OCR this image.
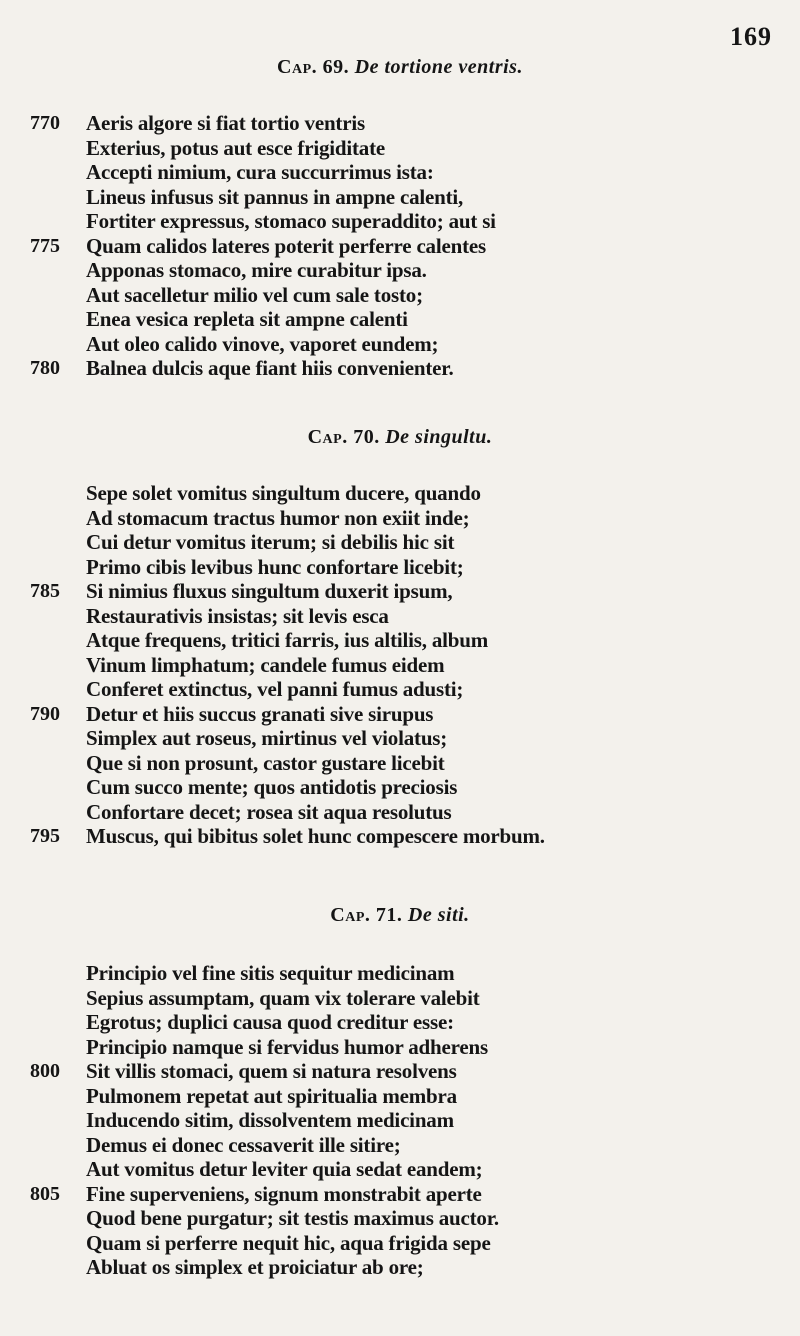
169
Cap. 69. De tortione ventris.
770	Aeris algore si fiat tortio ventris
Exterius, potus aut esce frigiditate
Accepti nimium, cura succurrimus ista:
Lineus infusus sit pannus in ampne calenti,
Fortiter expressus, stomaco superaddito; aut si
775	Quam calidos lateres poterit perferre calentes
Apponas stomaco, mire curabitur ipsa.
Aut sacelletur milio vel cum sale tosto;
Enea vesica repleta sit ampne calenti
Aut oleo calido vinove, vaporet eundem;
780	Balnea dulcis aque fiant hiis convenienter.
Cap. 70. De singultu.
Sepe solet vomitus singultum ducere, quando
Ad stomacum tractus humor non exiit inde;
Cui detur vomitus iterum; si debilis hic sit
Primo cibis levibus hunc confortare licebit;
785	Si nimius fluxus singultum duxerit ipsum,
Restaurativis insistas; sit levis esca
Atque frequens, tritici farris, ius altilis, album
Vinum limphatum; candele fumus eidem
Conferet extinctus, vel panni fumus adusti;
790	Detur et hiis succus granati sive sirupus
Simplex aut roseus, mirtinus vel violatus;
Que si non prosunt, castor gustare licebit
Cum succo mente; quos antidotis preciosis
Confortare decet; rosea sit aqua resolutus
795	Muscus, qui bibitus solet hunc compescere morbum.
Cap. 71. De siti.
Principio vel fine sitis sequitur medicinam
Sepius assumptam, quam vix tolerare valebit
Egrotus; duplici causa quod creditur esse:
Principio namque si fervidus humor adherens
800	Sit villis stomaci, quem si natura resolvens
Pulmonem repetat aut spiritualia membra
Inducendo sitim, dissolventem medicinam
Demus ei donec cessaverit ille sitire;
Aut vomitus detur leviter quia sedat eandem;
805	Fine superveniens, signum monstrabit aperte
Quod bene purgatur; sit testis maximus auctor.
Quam si perferre nequit hic, aqua frigida sepe
Abluat os simplex et proiciatur ab ore;
